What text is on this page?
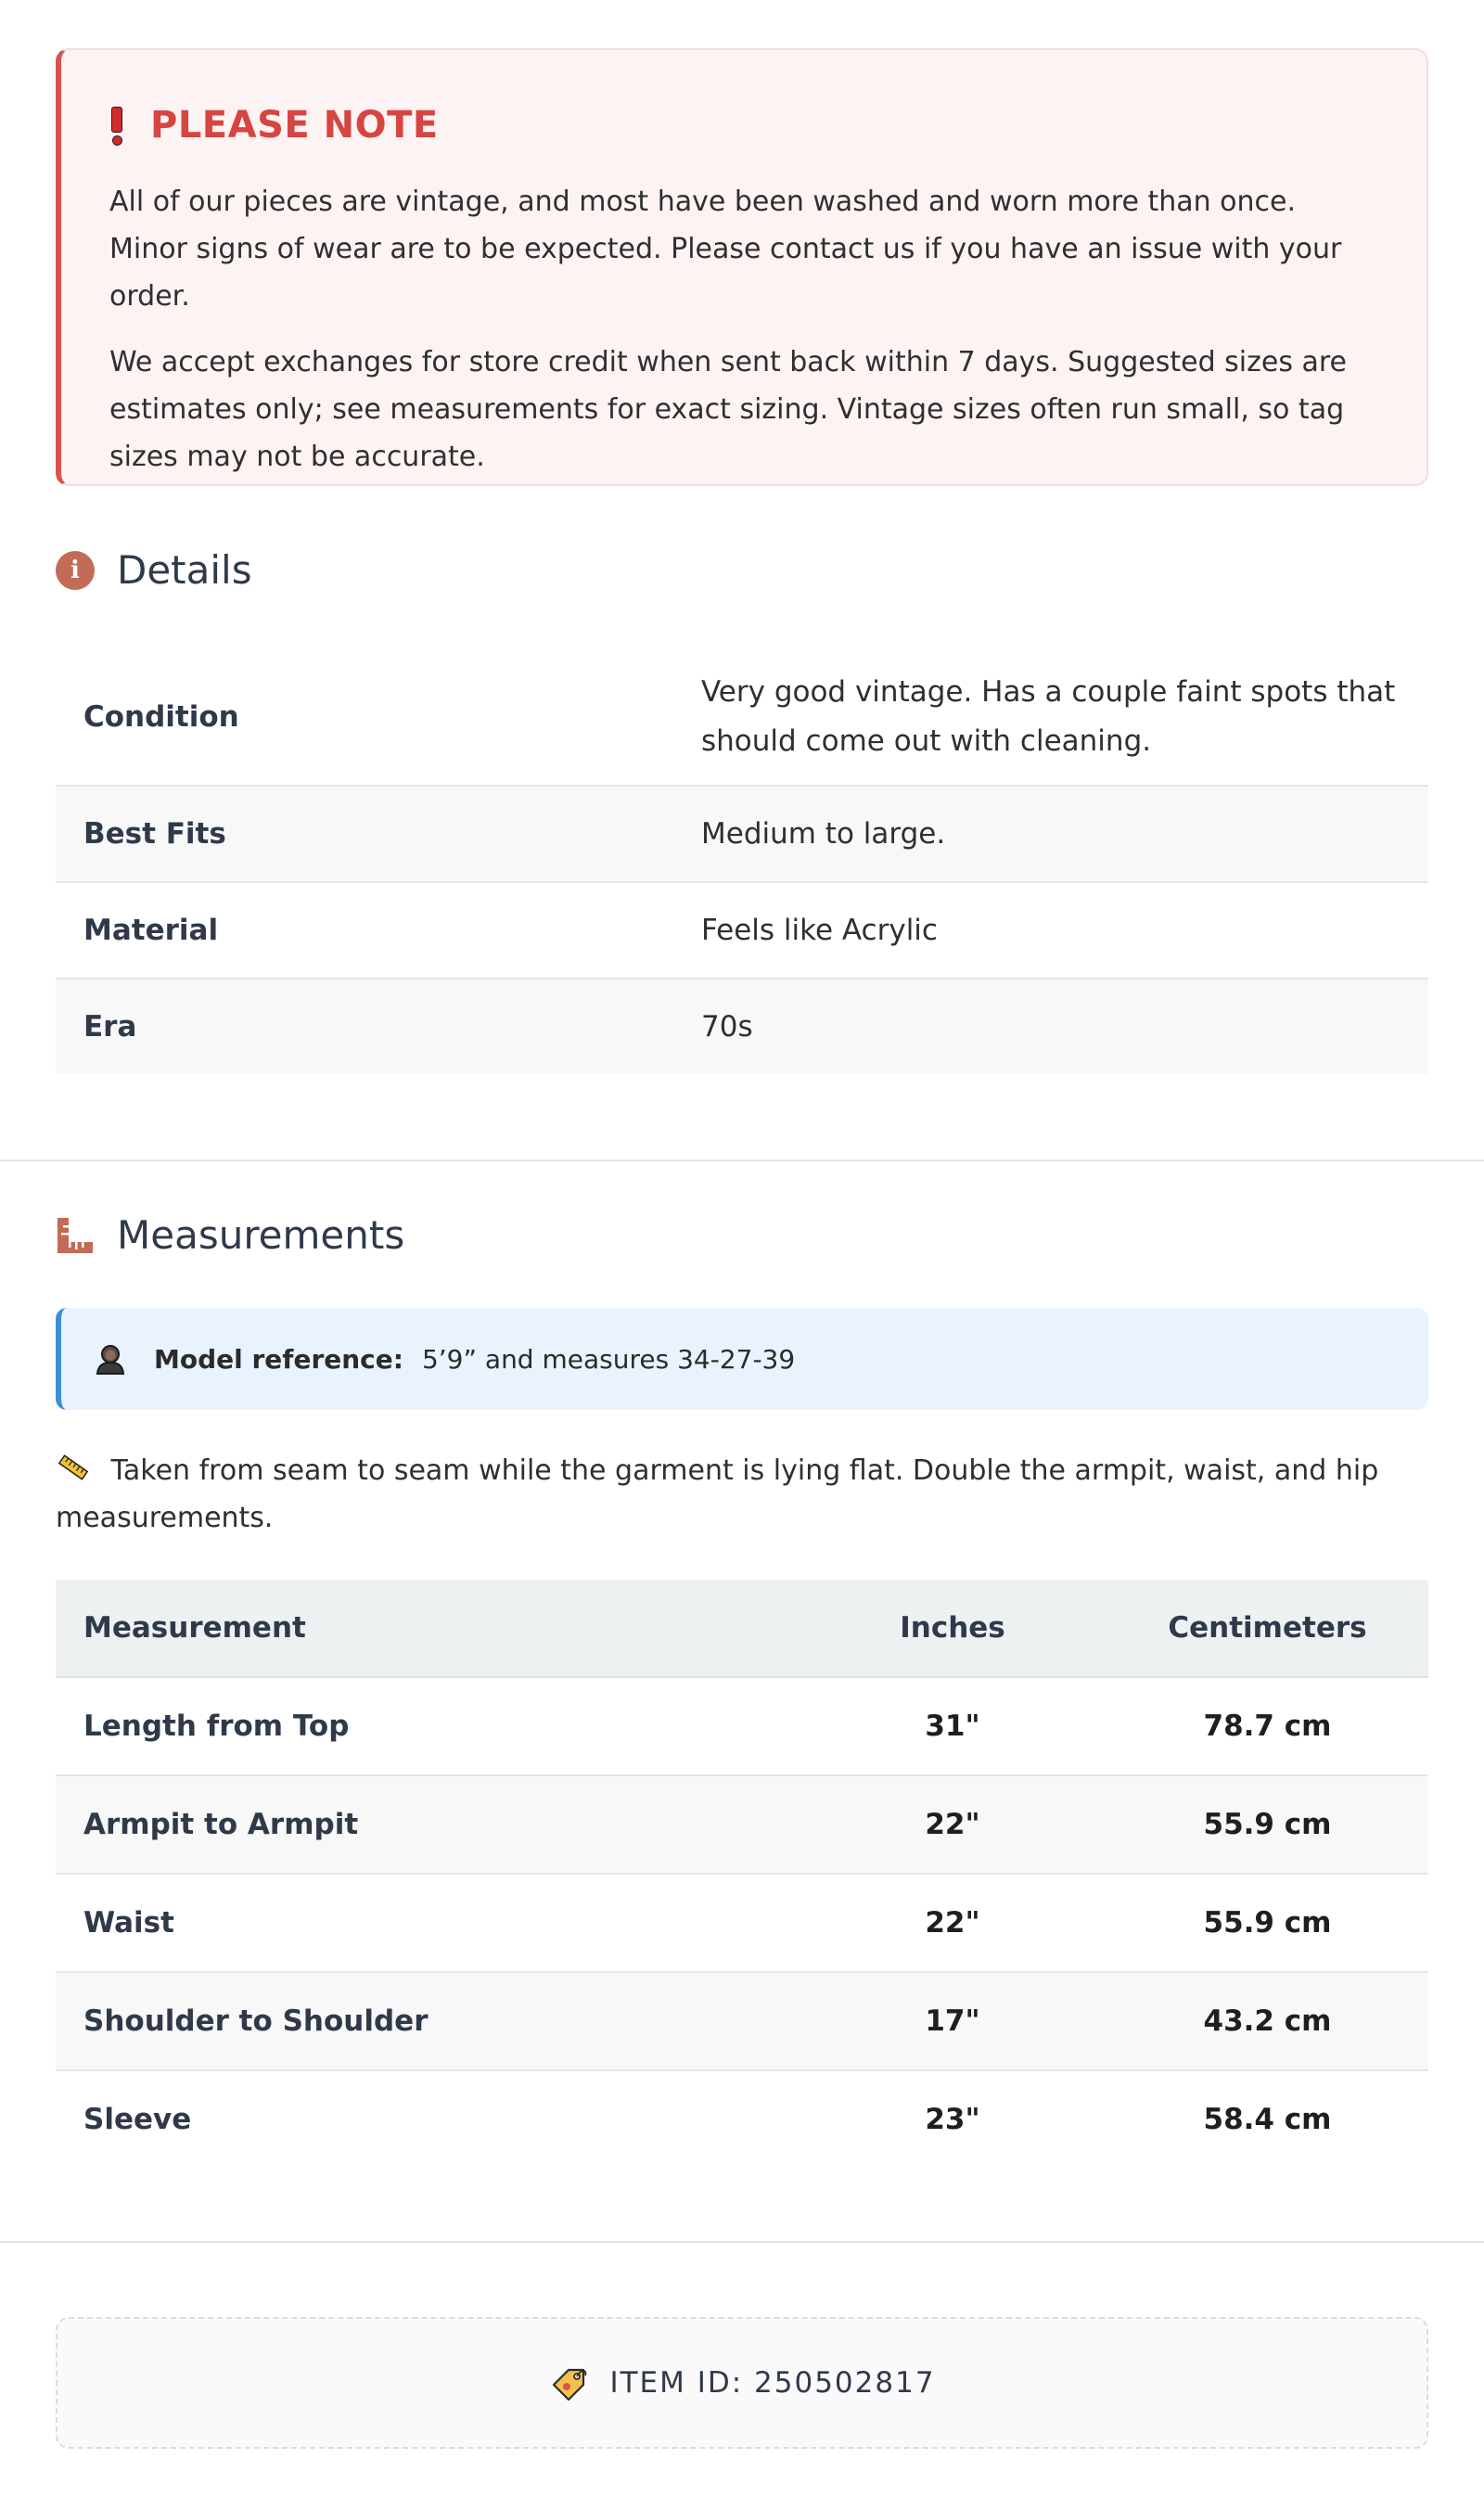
PLEASE NOTE

All of our pieces are vintage, and most have been washed and worn more than once. Minor signs of wear are to be expected. Please contact us if you have an issue with your order.

We accept exchanges for store credit when sent back within 7 days. Suggested sizes are estimates only; see measurements for exact sizing. Vintage sizes often run small, so tag sizes may not be accurate.

i Details
Condition	Very good vintage. Has a couple faint spots that should come out with cleaning.
Best Fits	Medium to large.
Material	Feels like Acrylic
Era	70s
Measurements
Model reference: 5’9” and measures 34-27-39
Taken from seam to seam while the garment is lying flat. Double the armpit, waist, and hip measurements.
Measurement	Inches	Centimeters
Length from Top	31"	78.7 cm
Armpit to Armpit	22"	55.9 cm
Waist	22"	55.9 cm
Shoulder to Shoulder	17"	43.2 cm
Sleeve	23"	58.4 cm
ITEM ID: 250502817
